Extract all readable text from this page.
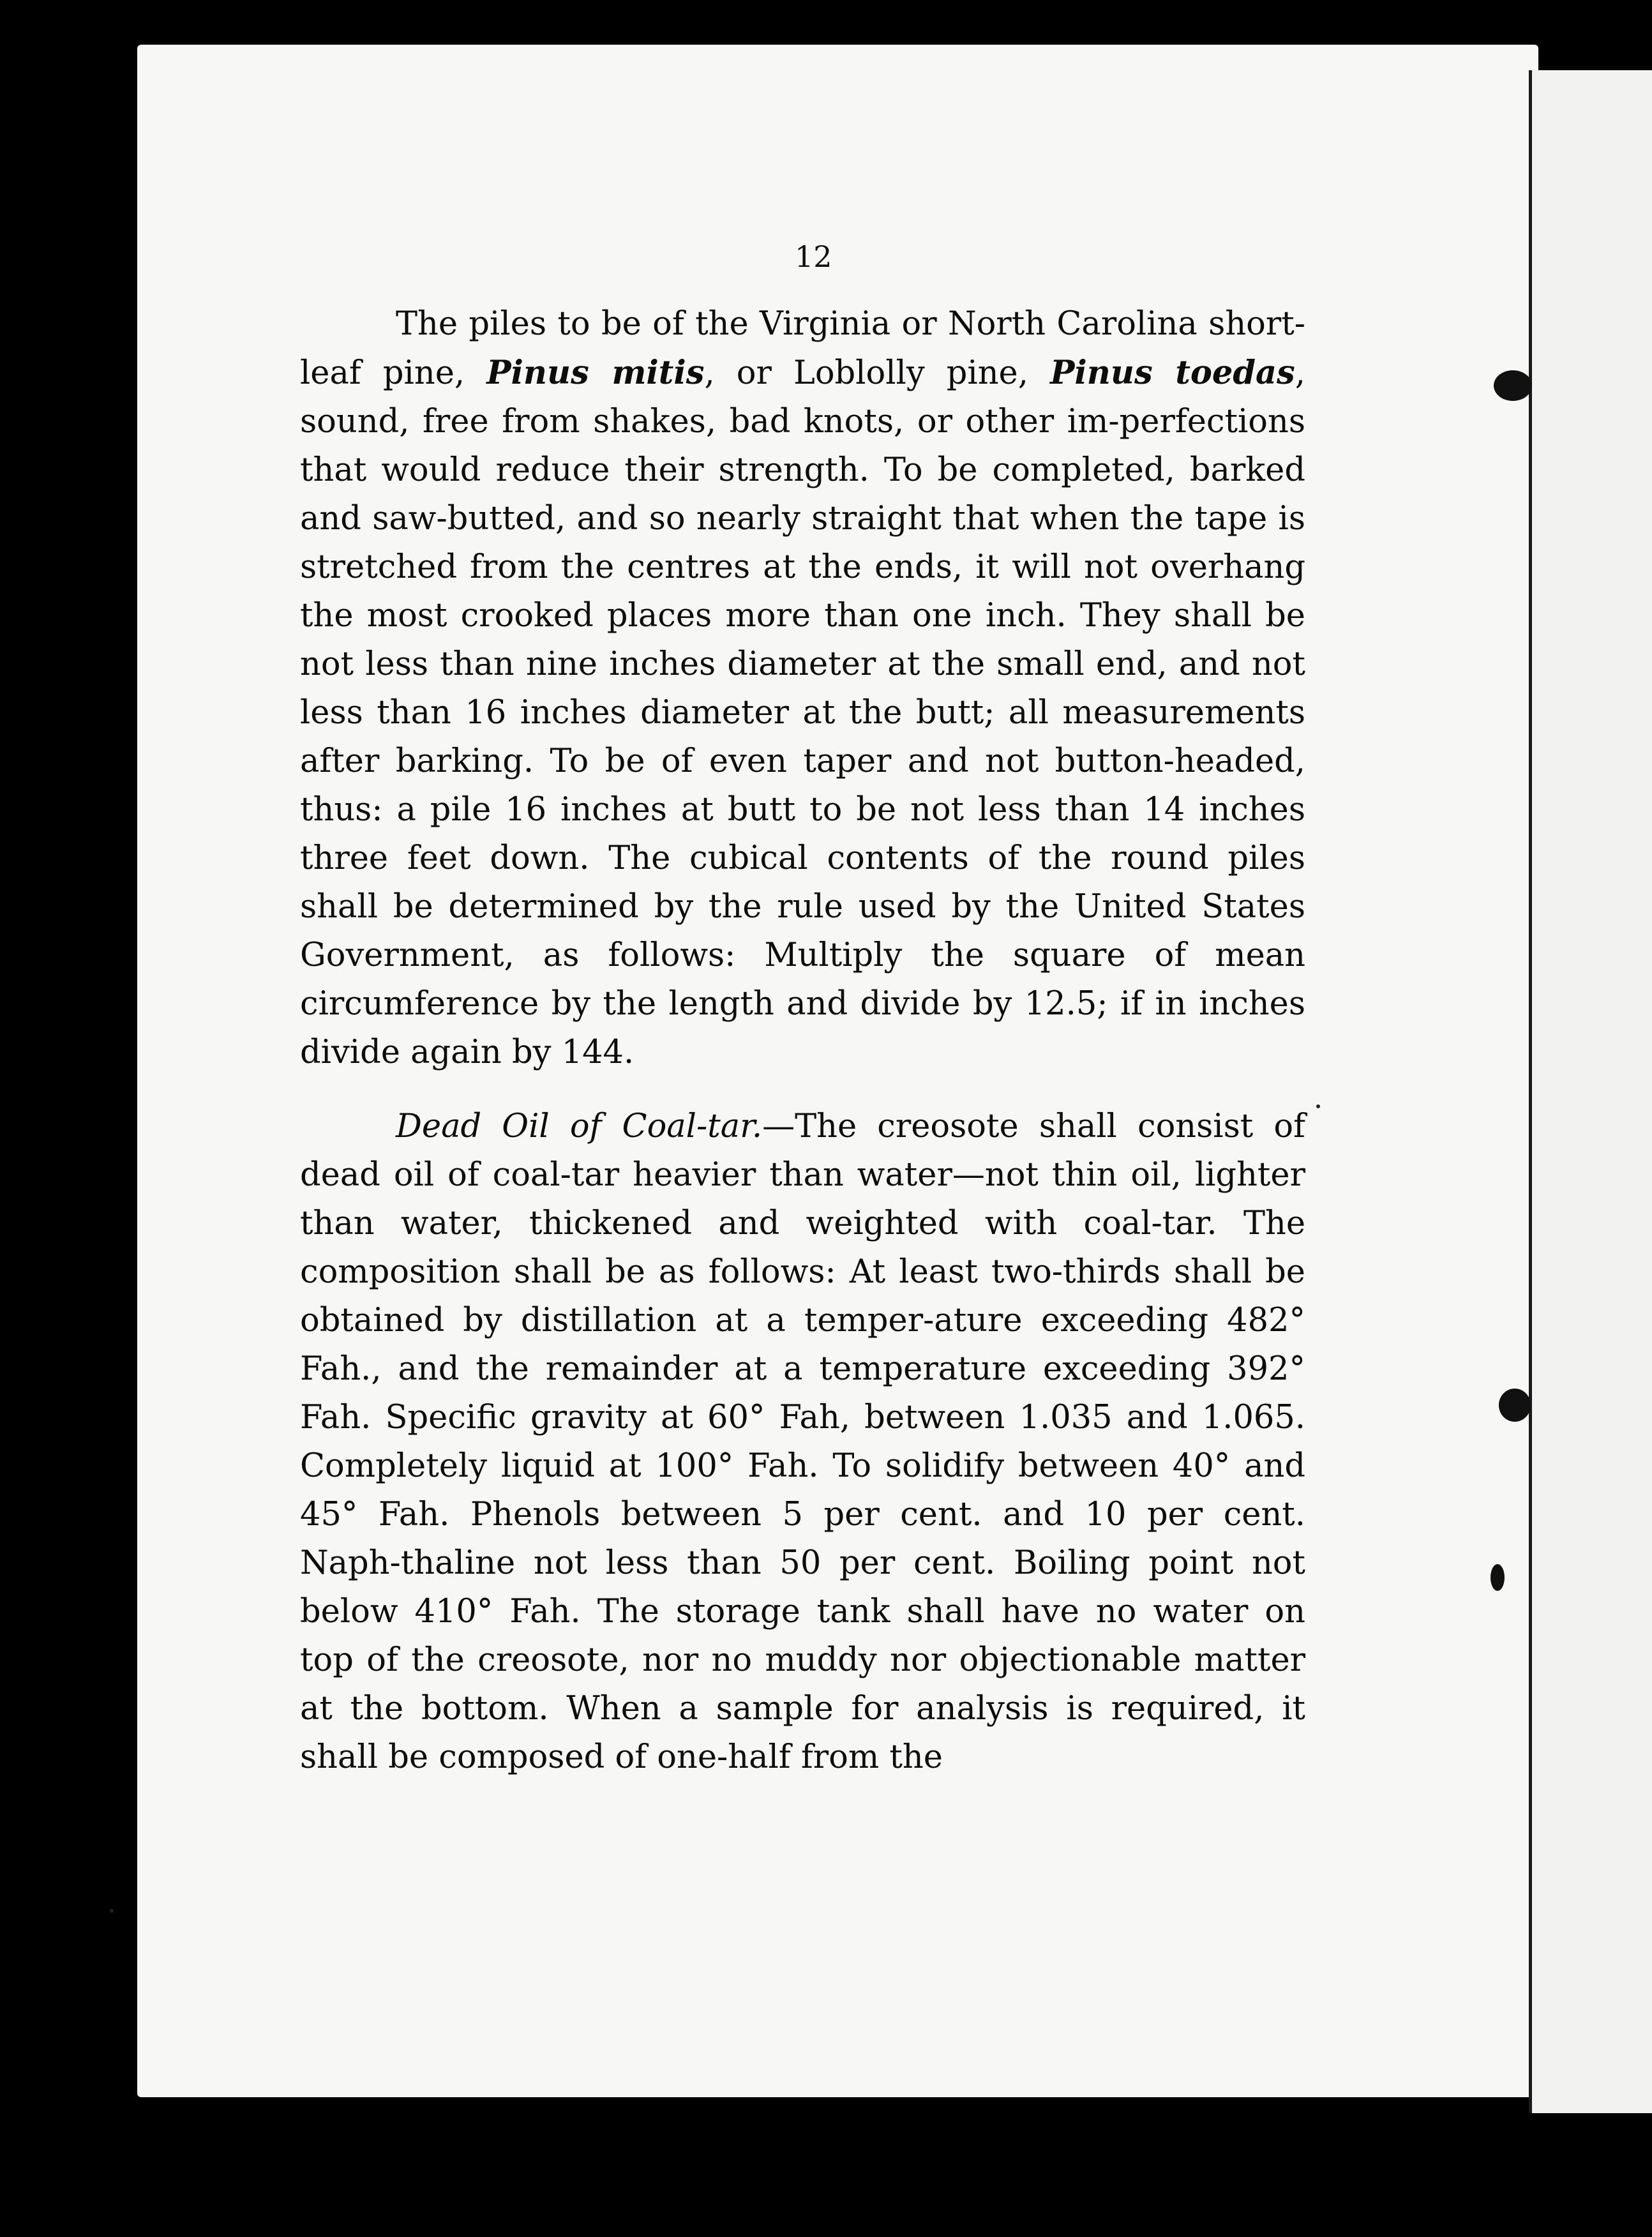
12

The piles to be of the Virginia or North Carolina short-leaf pine, Pinus mitis, or Loblolly pine, Pinus toedas, sound, free from shakes, bad knots, or other im-perfections that would reduce their strength. To be completed, barked and saw-butted, and so nearly straight that when the tape is stretched from the centres at the ends, it will not overhang the most crooked places more than one inch. They shall be not less than nine inches diameter at the small end, and not less than 16 inches diameter at the butt; all measurements after barking. To be of even taper and not button-headed, thus: a pile 16 inches at butt to be not less than 14 inches three feet down. The cubical contents of the round piles shall be determined by the rule used by the United States Government, as follows: Multiply the square of mean circumference by the length and divide by 12.5; if in inches divide again by 144.

Dead Oil of Coal-tar.—The creosote shall consist of dead oil of coal-tar heavier than water—not thin oil, lighter than water, thickened and weighted with coal-tar. The composition shall be as follows: At least two-thirds shall be obtained by distillation at a temper-ature exceeding 482° Fah., and the remainder at a temperature exceeding 392° Fah. Specific gravity at 60° Fah, between 1.035 and 1.065. Completely liquid at 100° Fah. To solidify between 40° and 45° Fah. Phenols between 5 per cent. and 10 per cent. Naph-thaline not less than 50 per cent. Boiling point not below 410° Fah. The storage tank shall have no water on top of the creosote, nor no muddy nor objectionable matter at the bottom. When a sample for analysis is required, it shall be composed of one-half from the
